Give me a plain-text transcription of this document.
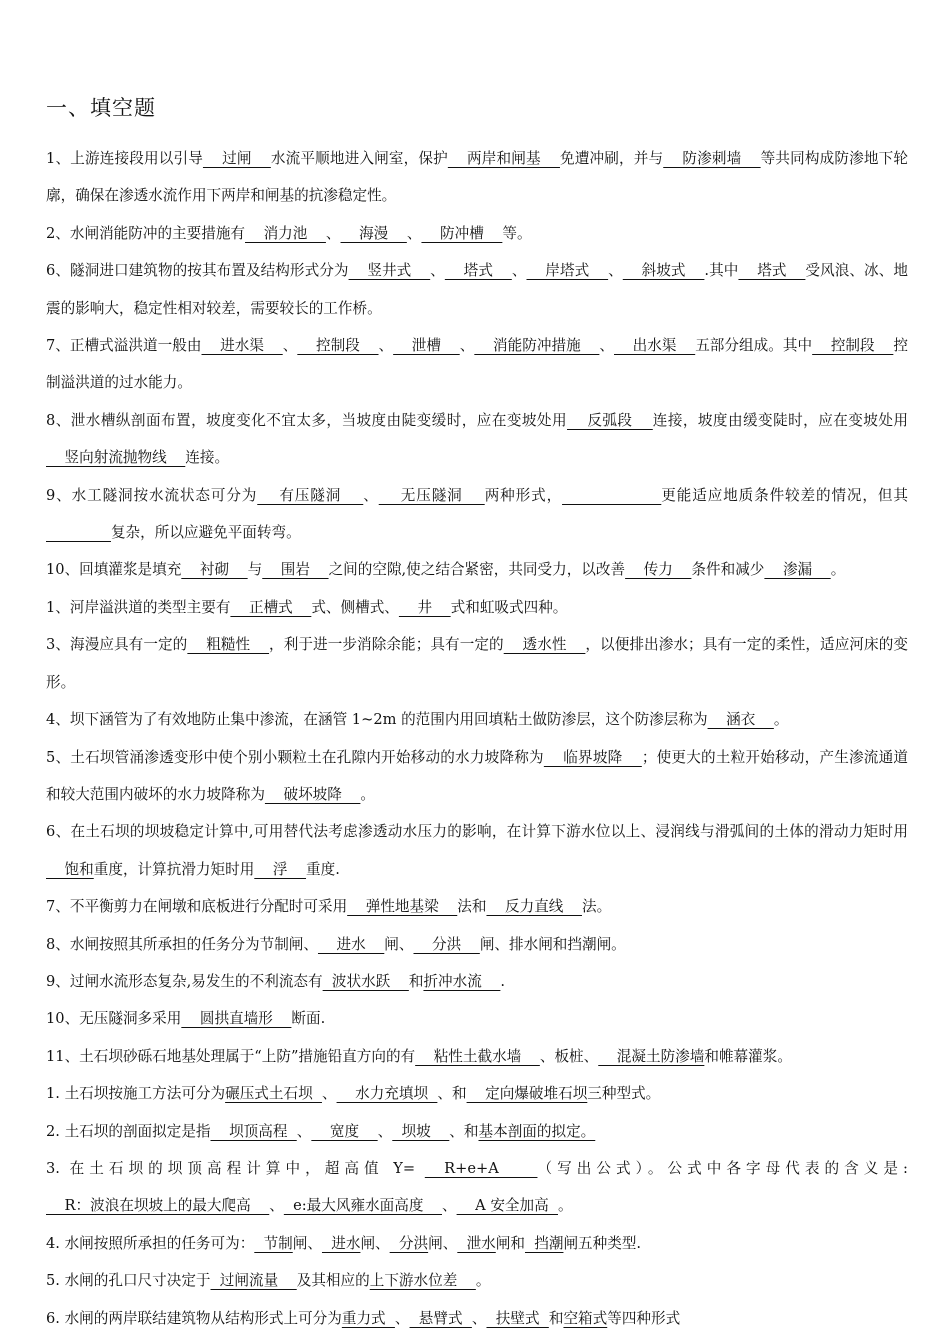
一、填空题

1、上游连接段用以引导    过闸    水流平顺地进入闸室，保护    两岸和闸基    免遭冲刷，并与    防渗刺墙    等共同构成防渗地下轮廓，确保在渗透水流作用下两岸和闸基的抗渗稳定性。

2、水闸消能防冲的主要措施有    消力池    、    海漫    、    防冲槽    等。

6、隧洞进口建筑物的按其布置及结构形式分为    竖井式    、    塔式    、    岸塔式    、    斜坡式    .其中    塔式    受风浪、冰、地震的影响大，稳定性相对较差，需要较长的工作桥。

7、正槽式溢洪道一般由    进水渠    、    控制段    、    泄槽    、    消能防冲措施    、    出水渠    五部分组成。其中    控制段    控制溢洪道的过水能力。

8、泄水槽纵剖面布置，坡度变化不宜太多，当坡度由陡变缓时，应在变坡处用    反弧段    连接，坡度由缓变陡时，应在变坡处用    竖向射流抛物线    连接。

9、水工隧洞按水流状态可分为    有压隧洞    、    无压隧洞    两种形式，	更能适应地质条件较差的情况，但其              复杂，所以应避免平面转弯。

10、回填灌浆是填充    衬砌    与    围岩    之间的空隙,使之结合紧密，共同受力，以改善    传力    条件和减少    渗漏    。

1、河岸溢洪道的类型主要有    正槽式    式、侧槽式、    井    式和虹吸式四种。

3、海漫应具有一定的    粗糙性    ，利于进一步消除余能；具有一定的    透水性    ，以便排出渗水；具有一定的柔性，适应河床的变形。

4、坝下涵管为了有效地防止集中渗流，在涵管 1~2m 的范围内用回填粘土做防渗层，这个防渗层称为    涵衣    。

5、土石坝管涌渗透变形中使个别小颗粒土在孔隙内开始移动的水力坡降称为    临界坡降    ；使更大的土粒开始移动，产生渗流通道和较大范围内破坏的水力坡降称为    破坏坡降    。

6、在土石坝的坝坡稳定计算中,可用替代法考虑渗透动水压力的影响，在计算下游水位以上、浸润线与滑弧间的土体的滑动力矩时用    饱和重度，计算抗滑力矩时用    浮    重度.

7、不平衡剪力在闸墩和底板进行分配时可采用    弹性地基梁    法和    反力直线    法。

8、水闸按照其所承担的任务分为节制闸、    进水    闸、    分洪    闸、排水闸和挡潮闸。

9、过闸水流形态复杂,易发生的不利流态有  波状水跃    和折冲水流    .

10、无压隧洞多采用    圆拱直墙形    断面.

11、土石坝砂砾石地基处理属于“上防”措施铅直方向的有    粘性土截水墙    、板桩、    混凝土防渗墙和帷幕灌浆。

1. 土石坝按施工方法可分为碾压式土石坝  、    水力充填坝  、和    定向爆破堆石坝三种型式。

2. 土石坝的剖面拟定是指    坝顶高程  、    宽度    、  坝坡    、和基本剖面的拟定。

3. 在土石坝的坝顶高程计算中，超高值 Y=   R+e+A    （写出公式）。公式中各字母代表的含义是:    R：波浪在坝坡上的最大爬高    、  e:最大风雍水面高度    、    A 安全加高  。

4. 水闸按照所承担的任务可为：  节制闸、  进水闸、  分洪闸、  泄水闸和  挡潮闸五种类型.

5. 水闸的孔口尺寸决定于  过闸流量    及其相应的上下游水位差    。

6. 水闸的两岸联结建筑物从结构形式上可分为重力式  、  悬臂式  、  扶壁式  和空箱式等四种形式
